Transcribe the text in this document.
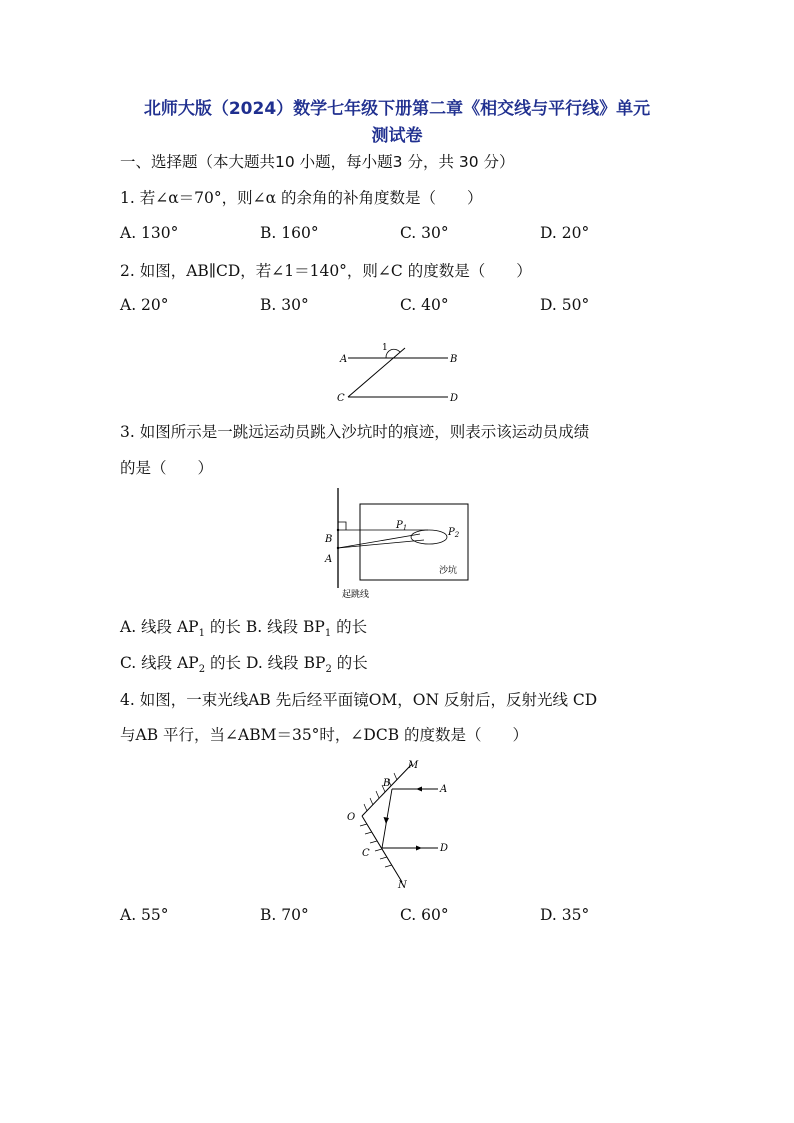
北师大版（2024）数学七年级下册第二章《相交线与平行线》单元
测试卷
一、选择题（本大题共10 小题，每小题3 分，共 30 分）
1. 若∠α＝70°，则∠α 的余角的补角度数是（　　）
A. 130°	B. 160°	C. 30°	D. 20°
2. 如图，AB∥CD，若∠1＝140°，则∠C 的度数是（　　）
A. 20°	B. 30°	C. 40°	D. 50°
A	B
C	D
1
3. 如图所示是一跳远运动员跳入沙坑时的痕迹，则表示该运动员成绩
的是（　　）
B
A
$P_1$	$P_2$
沙坑
起跳线
A. 线段 $AP_1$ 的长 B. 线段 $BP_1$ 的长
C. 线段 $AP_2$ 的长 D. 线段 $BP_2$ 的长
4. 如图，一束光线AB 先后经平面镜OM，ON 反射后，反射光线 CD
与AB 平行，当∠ABM＝35°时，∠DCB 的度数是（　　）
M
B
A
O
C	D
N
A. 55°	B. 70°	C. 60°	D. 35°
